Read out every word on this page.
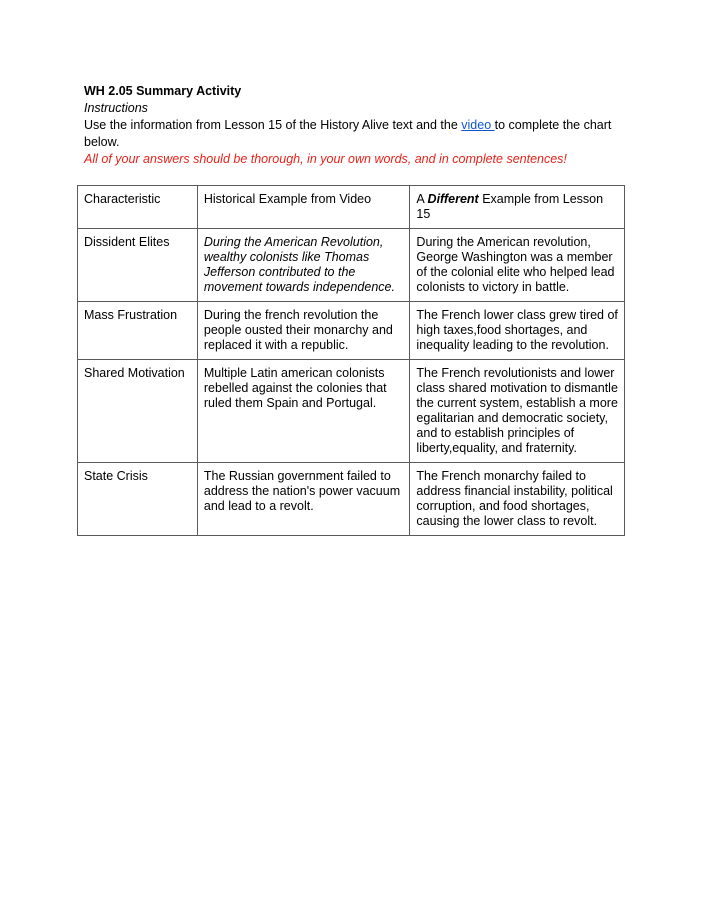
WH 2.05 Summary Activity
Instructions
Use the information from Lesson 15 of the History Alive text and the video to complete the chart below.
All of your answers should be thorough, in your own words, and in complete sentences!
Characteristic	Historical Example from Video	A Different Example from Lesson 15
Dissident Elites	During the American Revolution, wealthy colonists like Thomas Jefferson contributed to the movement towards independence.	During the American revolution, George Washington was a member of the colonial elite who helped lead colonists to victory in battle.
Mass Frustration	During the french revolution the people ousted their monarchy and replaced it with a republic.	The French lower class grew tired of high taxes,food shortages, and inequality leading to the revolution.
Shared Motivation	Multiple Latin american colonists rebelled against the colonies that ruled them Spain and Portugal.	The French revolutionists and lower class shared motivation to dismantle the current system, establish a more egalitarian and democratic society, and to establish principles of liberty,equality, and fraternity.
State Crisis	The Russian government failed to address the nation's power vacuum and lead to a revolt.	The French monarchy failed to address financial instability, political corruption, and food shortages, causing the lower class to revolt.
